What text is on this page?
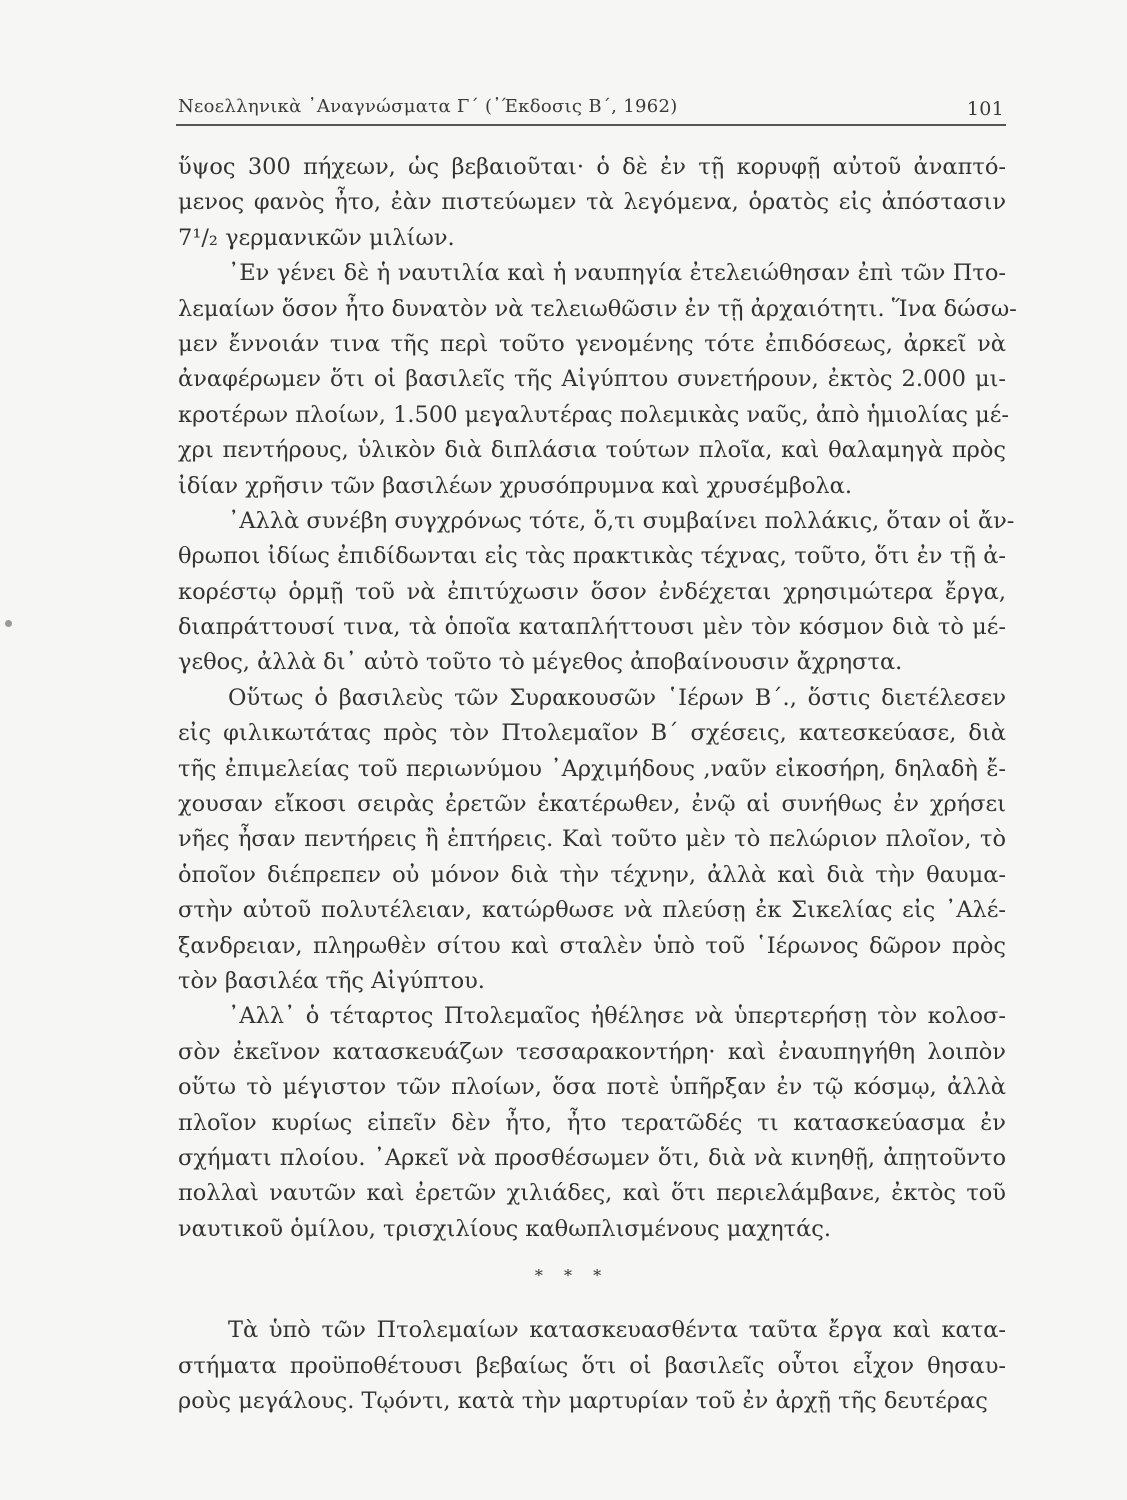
Νεοελληνικὰ ᾿Αναγνώσματα Γ΄ (᾿Έκδοσις Β΄, 1962)	101
ὕψος 300 πήχεων, ὡς βεβαιοῦται· ὁ δὲ ἐν τῇ κορυφῇ αὐτοῦ ἀναπτό-
μενος φανὸς ἦτο, ἐὰν πιστεύωμεν τὰ λεγόμενα, ὁρατὸς εἰς ἀπόστασιν
7¹/₂ γερμανικῶν μιλίων.
᾿Εν γένει δὲ ἡ ναυτιλία καὶ ἡ ναυπηγία ἐτελειώθησαν ἐπὶ τῶν Πτο-
λεμαίων ὅσον ἦτο δυνατὸν νὰ τελειωθῶσιν ἐν τῇ ἀρχαιότητι. Ἵνα δώσω-
μεν ἔννοιάν τινα τῆς περὶ τοῦτο γενομένης τότε ἐπιδόσεως, ἀρκεῖ νὰ
ἀναφέρωμεν ὅτι οἱ βασιλεῖς τῆς Αἰγύπτου συνετήρουν, ἐκτὸς 2.000 μι-
κροτέρων πλοίων, 1.500 μεγαλυτέρας πολεμικὰς ναῦς, ἀπὸ ἡμιολίας μέ-
χρι πεντήρους, ὑλικὸν διὰ διπλάσια τούτων πλοῖα, καὶ θαλαμηγὰ πρὸς
ἰδίαν χρῆσιν τῶν βασιλέων χρυσόπρυμνα καὶ χρυσέμβολα.
᾿Αλλὰ συνέβη συγχρόνως τότε, ὅ,τι συμβαίνει πολλάκις, ὅταν οἱ ἄν-
θρωποι ἰδίως ἐπιδίδωνται εἰς τὰς πρακτικὰς τέχνας, τοῦτο, ὅτι ἐν τῇ ἀ-
κορέστῳ ὁρμῇ τοῦ νὰ ἐπιτύχωσιν ὅσον ἐνδέχεται χρησιμώτερα ἔργα,
διαπράττουσί τινα, τὰ ὁποῖα καταπλήττουσι μὲν τὸν κόσμον διὰ τὸ μέ-
γεθος, ἀλλὰ δι᾿ αὐτὸ τοῦτο τὸ μέγεθος ἀποβαίνουσιν ἄχρηστα.
Οὕτως ὁ βασιλεὺς τῶν Συρακουσῶν ῾Ιέρων Β΄., ὅστις διετέλεσεν
εἰς φιλικωτάτας πρὸς τὸν Πτολεμαῖον Β΄ σχέσεις, κατεσκεύασε, διὰ
τῆς ἐπιμελείας τοῦ περιωνύμου ᾿Αρχιμήδους ,ναῦν εἰκοσήρη, δηλαδὴ ἔ-
χουσαν εἴκοσι σειρὰς ἐρετῶν ἑκατέρωθεν, ἐνῷ αἱ συνήθως ἐν χρήσει
νῆες ἦσαν πεντήρεις ἢ ἑπτήρεις. Καὶ τοῦτο μὲν τὸ πελώριον πλοῖον, τὸ
ὁποῖον διέπρεπεν οὐ μόνον διὰ τὴν τέχνην, ἀλλὰ καὶ διὰ τὴν θαυμα-
στὴν αὐτοῦ πολυτέλειαν, κατώρθωσε νὰ πλεύσῃ ἐκ Σικελίας εἰς ᾿Αλέ-
ξανδρειαν, πληρωθὲν σίτου καὶ σταλὲν ὑπὸ τοῦ ῾Ιέρωνος δῶρον πρὸς
τὸν βασιλέα τῆς Αἰγύπτου.
᾿Αλλ᾿ ὁ τέταρτος Πτολεμαῖος ἠθέλησε νὰ ὑπερτερήσῃ τὸν κολοσ-
σὸν ἐκεῖνον κατασκευάζων τεσσαρακοντήρη· καὶ ἐναυπηγήθη λοιπὸν
οὕτω τὸ μέγιστον τῶν πλοίων, ὅσα ποτὲ ὑπῆρξαν ἐν τῷ κόσμῳ, ἀλλὰ
πλοῖον κυρίως εἰπεῖν δὲν ἦτο, ἦτο τερατῶδές τι κατασκεύασμα ἐν
σχήματι πλοίου. ᾿Αρκεῖ νὰ προσθέσωμεν ὅτι, διὰ νὰ κινηθῇ, ἀπῃτοῦντο
πολλαὶ ναυτῶν καὶ ἐρετῶν χιλιάδες, καὶ ὅτι περιελάμβανε, ἐκτὸς τοῦ
ναυτικοῦ ὁμίλου, τρισχιλίους καθωπλισμένους μαχητάς.
* * *
Τὰ ὑπὸ τῶν Πτολεμαίων κατασκευασθέντα ταῦτα ἔργα καὶ κατα-
στήματα προϋποθέτουσι βεβαίως ὅτι οἱ βασιλεῖς οὗτοι εἶχον θησαυ-
ροὺς μεγάλους. Τῳόντι, κατὰ τὴν μαρτυρίαν τοῦ ἐν ἀρχῇ τῆς δευτέρας
